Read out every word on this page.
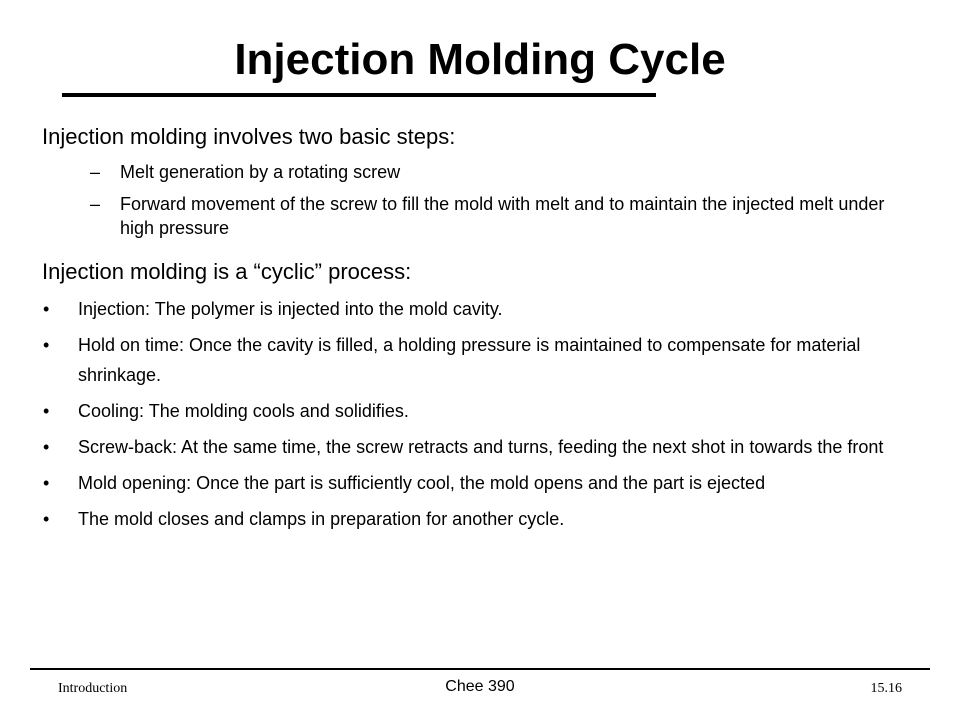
Injection Molding Cycle

Injection molding involves two basic steps:

– Melt generation by a rotating screw
– Forward movement of the screw to fill the mold with melt and to maintain the injected melt under high pressure

Injection molding is a “cyclic” process:

• Injection: The polymer is injected into the mold cavity.
• Hold on time: Once the cavity is filled, a holding pressure is maintained to compensate for material shrinkage.
• Cooling: The molding cools and solidifies.
• Screw-back: At the same time, the screw retracts and turns, feeding the next shot in towards the front
• Mold opening: Once the part is sufficiently cool, the mold opens and the part is ejected
• The mold closes and clamps in preparation for another cycle.
Introduction	Chee 390	15.16
